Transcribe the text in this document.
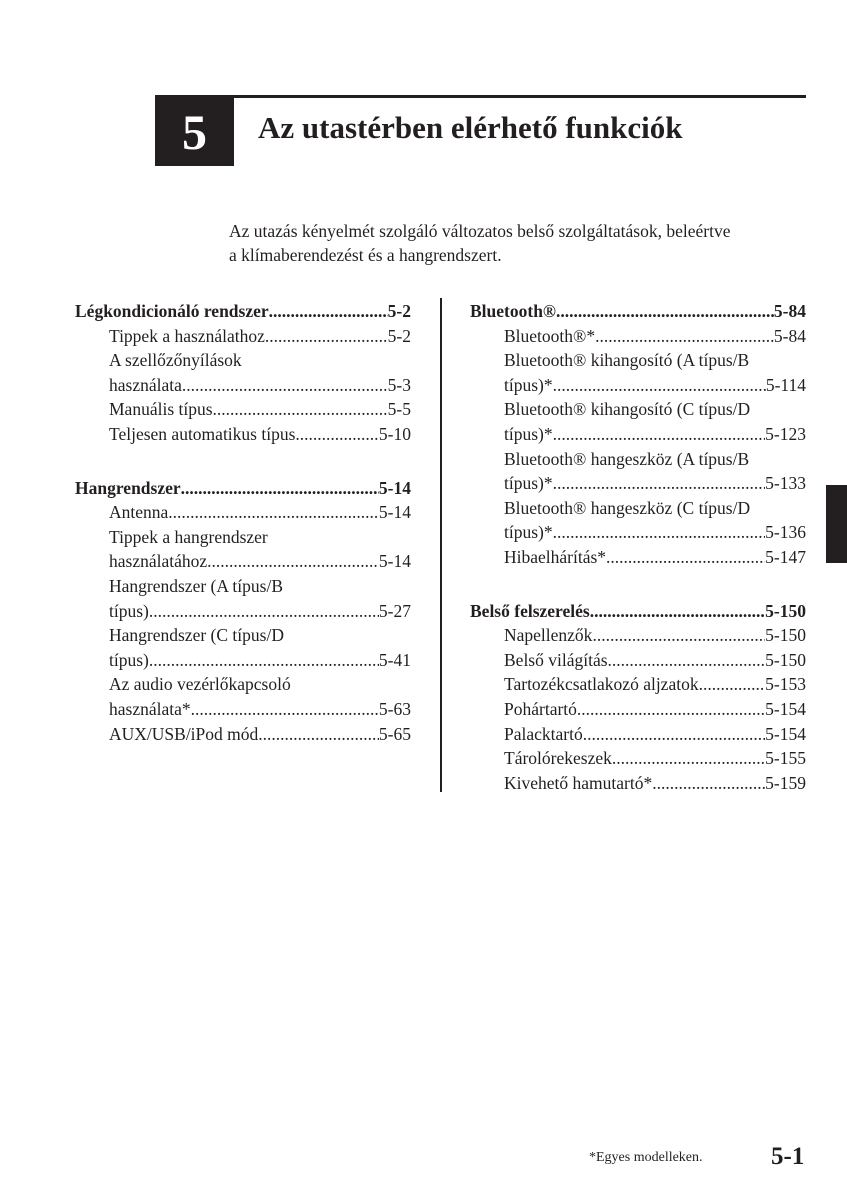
5 Az utastérben elérhető funkciók
Az utazás kényelmét szolgáló változatos belső szolgáltatások, beleértve
a klímaberendezést és a hangrendszert.
Légkondicionáló rendszer .....	5-2
Tippek a használathoz .....	5-2
A szellőzőnyílások
használata .....	5-3
Manuális típus .....	5-5
Teljesen automatikus típus .....	5-10
Hangrendszer .....	5-14
Antenna .....	5-14
Tippek a hangrendszer
használatához .....	5-14
Hangrendszer (A típus/B
típus) .....	5-27
Hangrendszer (C típus/D
típus) .....	5-41
Az audio vezérlőkapcsoló
használata* .....	5-63
AUX/USB/iPod mód .....	5-65
Bluetooth® .....	5-84
Bluetooth®* .....	5-84
Bluetooth® kihangosító (A típus/B
típus)* .....	5-114
Bluetooth® kihangosító (C típus/D
típus)* .....	5-123
Bluetooth® hangeszköz (A típus/B
típus)* .....	5-133
Bluetooth® hangeszköz (C típus/D
típus)* .....	5-136
Hibaelhárítás* .....	5-147
Belső felszerelés .....	5-150
Napellenzők .....	5-150
Belső világítás .....	5-150
Tartozékcsatlakozó aljzatok .....	5-153
Pohártartó .....	5-154
Palacktartó .....	5-154
Tárolórekeszek .....	5-155
Kivehető hamutartó* .....	5-159
*Egyes modelleken.	5-1
